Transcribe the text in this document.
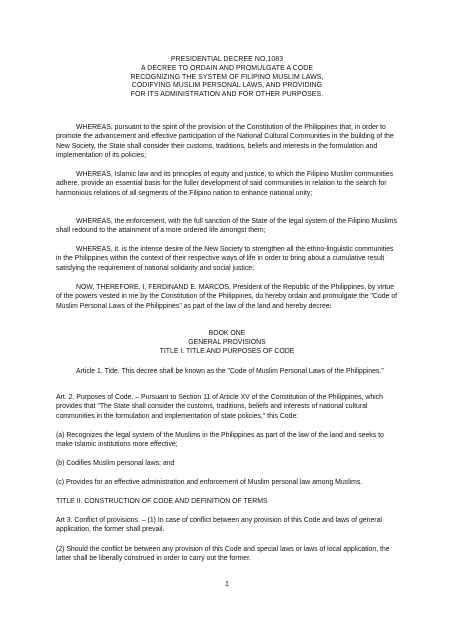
PRESIDENTIAL DECREE NO.1083
A DECREE TO ORDAIN AND PROMULGATE A CODE
RECOGNIZING THE SYSTEM OF FILIPINO MUSLIM LAWS,
CODIFYING MUSLIM PERSONAL LAWS, AND PROVIDING
FOR ITS ADMINISTRATION AND FOR OTHER PURPOSES.
WHEREAS, pursuant to the spirit of the provision of the Constitution of the Philippines that, in order to promote the advancement and effective participation of the National Cultural Communities in the building of the New Society, the State shall consider their customs, traditions, beliefs and interests in the formulation and implementation of its policies;
WHEREAS, Islamic law and its principles of equity and justice, to which the Filipino Muslim communities adhere, provide an essential basis for the fuller development of said communities in relation to the search for harmonious relations of all segments of the Filipino nation to enhance national unity;
WHEREAS, the enforcement, with the full sanction of the State of the legal system of the Filipino Muslims shall redound to the attainment of a more ordered life amongst them;
WHEREAS, it. is the intense desire of the New Society to strengthen all the ethno-linguistic communities in the Philippines within the context of their respective ways of life in order to bring about a cumulative result satisfying the requirement of national solidarity and social justice;
NOW, THEREFORE, I, FERDINAND E. MARCOS, President of the Republic of the Philippines, by virtue of the powers vested in me by the Constitution of the Philippines, do hereby ordain and promulgate the "Code of Muslim Personal Laws of the Philippines" as part of the law of the land and hereby decree:
BOOK ONE
GENERAL PROVISIONS
TITLE I. TITLE AND PURPOSES OF CODE
Article 1. Tide. This decree shall be known as the "Code of Muslim Personal Laws of the Philippines."
Art. 2. Purposes of Code. – Pursuant to Section 11 of Article XV of the Constitution of the Philippines, which provides that "The State shall consider the customs, traditions, beliefs and interests of national cultural communities in the formulation and implementation of state policies," this Code:
(a) Recognizes the legal system of the Muslims in the Philippines as part of the law of the land and seeks to make Islamic institutions more effective;
(b) Codifies Muslim personal laws; and
(c) Provides for an effective administration and enforcement of Muslim personal law among Muslims.
TITLE II. CONSTRUCTION OF CODE AND DEFINITION OF TERMS
Art 3. Conflict of provisions. – (1) In case of conflict between any provision of this Code and laws of general application, the former shall prevail.
(2) Should the conflict be between any provision of this Code and special laws or laws of local application, the latter shall be liberally construed in order to carry out the former.
1
